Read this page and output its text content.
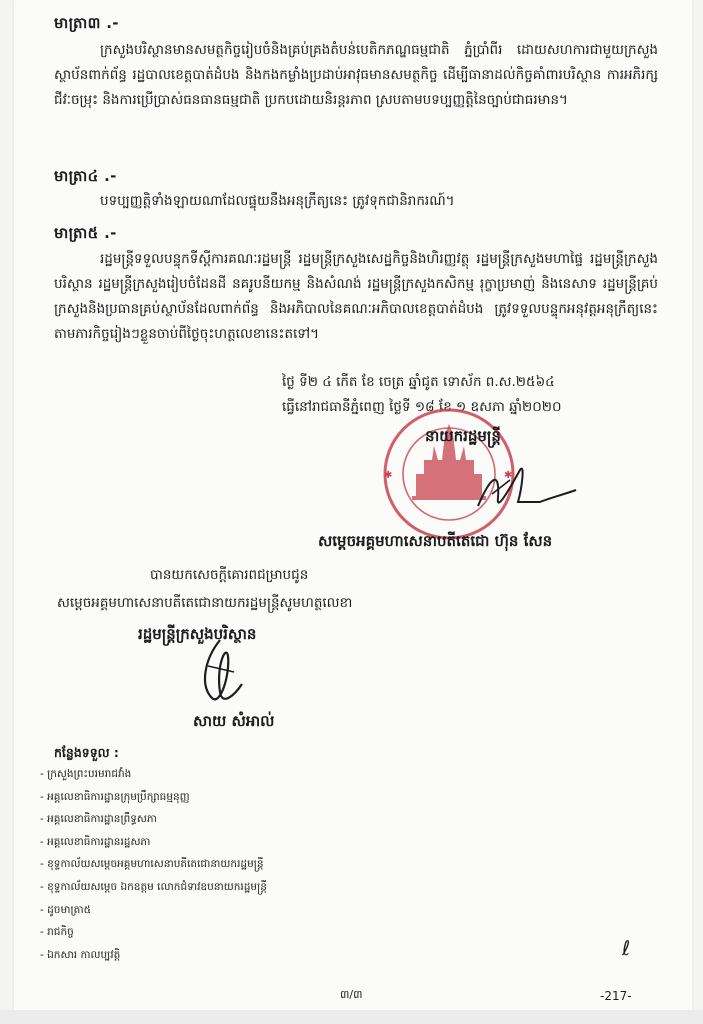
មាត្រា៣ .-
ក្រសួងបរិស្ថានមានសមត្ថកិច្ចរៀបចំនិងគ្រប់គ្រងតំបន់បេតិកភណ្ឌធម្មជាតិ ភ្នំប្រាំពីរ ដោយសហការជាមួយក្រសួង ស្ថាប័នពាក់ព័ន្ធ រដ្ឋបាលខេត្តបាត់ដំបង និងកងកម្លាំងប្រដាប់អាវុធមានសមត្ថកិច្ច ដើម្បីធានាដល់កិច្ចគាំពារបរិស្ថាន ការអភិរក្សជីវៈចម្រុះ និងការប្រើប្រាស់ធនធានធម្មជាតិ ប្រកបដោយនិរន្តរភាព ស្របតាមបទប្បញ្ញត្តិនៃច្បាប់ជាធរមាន។
មាត្រា៤ .-
បទប្បញ្ញត្តិទាំងឡាយណាដែលផ្ទុយនឹងអនុក្រឹត្យនេះ ត្រូវទុកជានិរាករណ៍។
មាត្រា៥ .-
រដ្ឋមន្ត្រីទទួលបន្ទុកទីស្តីការគណៈរដ្ឋមន្ត្រី រដ្ឋមន្ត្រីក្រសួងសេដ្ឋកិច្ចនិងហិរញ្ញវត្ថុ រដ្ឋមន្ត្រីក្រសួងមហាផ្ទៃ រដ្ឋមន្ត្រីក្រសួងបរិស្ថាន រដ្ឋមន្ត្រីក្រសួងរៀបចំដែនដី នគរូបនីយកម្ម និងសំណង់ រដ្ឋមន្ត្រីក្រសួងកសិកម្ម រុក្ខាប្រមាញ់ និងនេសាទ រដ្ឋមន្ត្រីគ្រប់ក្រសួងនិងប្រធានគ្រប់ស្ថាប័នដែលពាក់ព័ន្ធ និងអភិបាលនៃគណៈអភិបាលខេត្តបាត់ដំបង ត្រូវទទួលបន្ទុកអនុវត្តអនុក្រឹត្យនេះ តាមភារកិច្ចរៀងៗខ្លួនចាប់ពីថ្ងៃចុះហត្ថលេខានេះតទៅ។
ថ្ងៃ ទី២ ៤ កើត ខែ ចេត្រ ឆ្នាំជូត ទោស័ក ព.ស.២៥៦៤
ធ្វើនៅរាជធានីភ្នំពេញ ថ្ងៃទី ១៨ ខែ ១ ឧសភា ឆ្នាំ២០២០
✱	✱
នាយករដ្ឋមន្ត្រី
សម្តេចអគ្គមហាសេនាបតីតេជោ ហ៊ុន សែន
បានយកសេចក្តីគោរពជម្រាបជូន
សម្តេចអគ្គមហាសេនាបតីតេជោនាយករដ្ឋមន្ត្រីសូមហត្ថលេខា
រដ្ឋមន្ត្រីក្រសួងបរិស្ថាន
សាយ សំអាល់
កន្លែងទទួល :
- ក្រសួងព្រះបរមរាជវាំង
- អគ្គលេខាធិការដ្ឋានក្រុមប្រឹក្សាធម្មនុញ្ញ
- អគ្គលេខាធិការដ្ឋានព្រឹទ្ធសភា
- អគ្គលេខាធិការដ្ឋានរដ្ឋសភា
- ខុទ្ទកាល័យសម្តេចអគ្គមហាសេនាបតីតេជោនាយករដ្ឋមន្ត្រី
- ខុទ្ទកាល័យសម្តេច ឯកឧត្តម លោកជំទាវឧបនាយករដ្ឋមន្ត្រី
- ដូចមាត្រា៥
- រាជកិច្ច
- ឯកសារ កាលប្បវត្តិ	ℓ
៣/៣	-217-
